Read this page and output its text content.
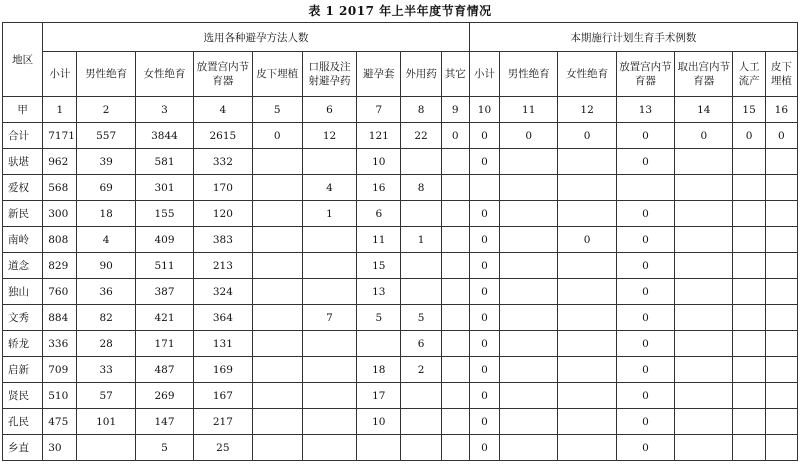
表 1 2017 年上半年度节育情况
地区	选用各种避孕方法人数									本期施行计划生育手术例数						
	小计	男性绝育	女性绝育	放置宫内节育器	皮下埋植	口服及注射避孕药	避孕套	外用药	其它	小计	男性绝育	女性绝育	放置宫内节育器	取出宫内节育器	人工流产	皮下埋植
甲	1	2	3	4	5	6	7	8	9	10	11	12	13	14	15	16
合计	7171	557	3844	2615	0	12	121	22	0	0	0	0	0	0	0	0
驮堪	962	39	581	332			10			0			0			
爱权	568	69	301	170		4	16	8								
新民	300	18	155	120		1	6			0			0			
南岭	808	4	409	383			11	1		0		0	0			
道念	829	90	511	213			15			0			0			
独山	760	36	387	324			13			0			0			
文秀	884	82	421	364		7	5	5		0			0			
轿龙	336	28	171	131				6		0			0			
启新	709	33	487	169			18	2		0			0			
贤民	510	57	269	167			17			0			0			
孔民	475	101	147	217			10			0			0			
乡直	30		5	25						0			0			
